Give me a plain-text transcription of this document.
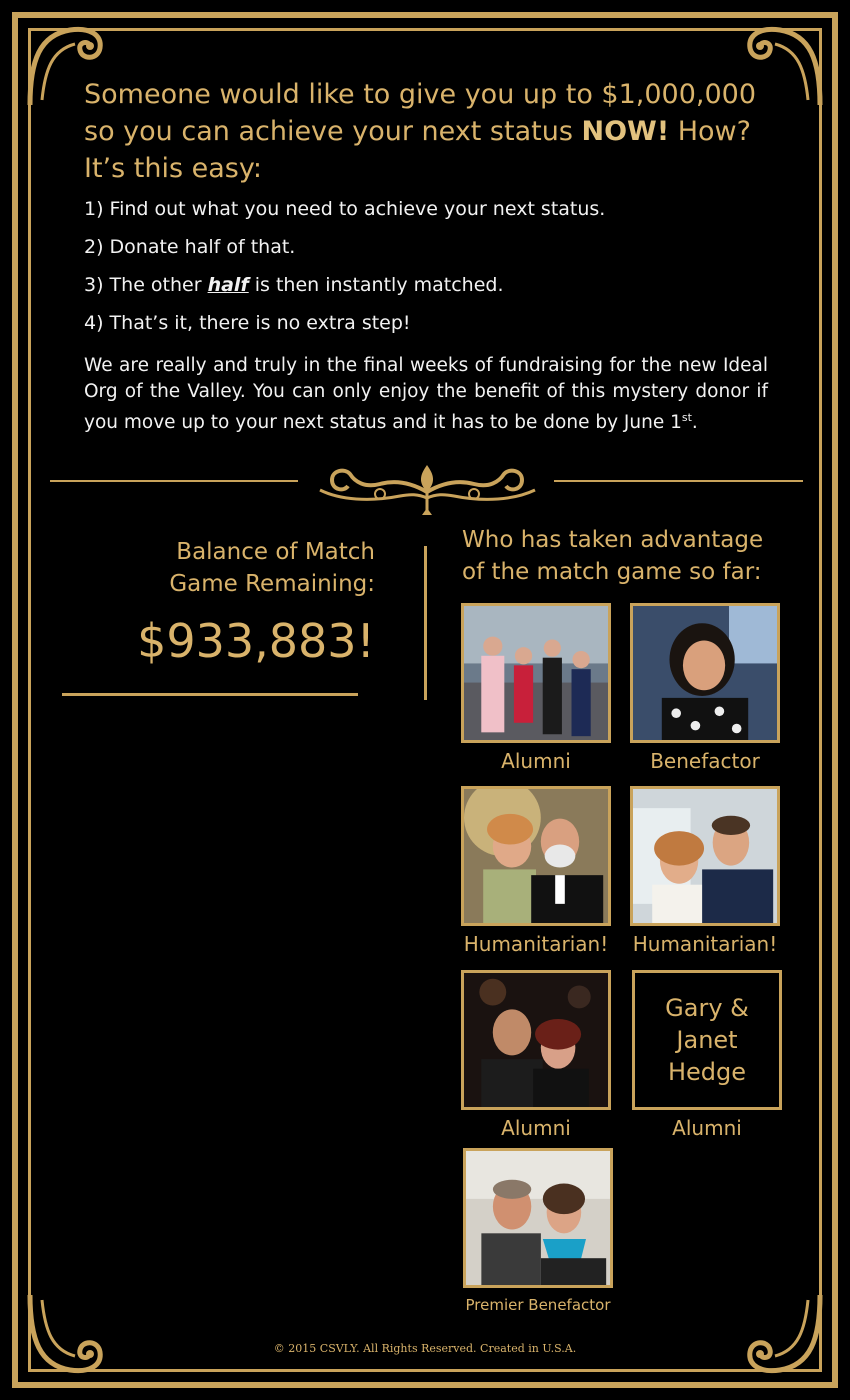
Someone would like to give you up to $1,000,000
so you can achieve your next status NOW! How?
It’s this easy:
1) Find out what you need to achieve your next status.
2) Donate half of that.
3) The other half is then instantly matched.
4) That’s it, there is no extra step!
We are really and truly in the final weeks of fundraising for the new Ideal Org of the Valley. You can only enjoy the benefit of this mystery donor if you move up to your next status and it has to be done by June 1st.
Balance of Match
Game Remaining:
$933,883!
Who has taken advantage
of the match game so far:
Alumni	Benefactor
Humanitarian! Humanitarian!
Alumni
Gary &
Janet
Hedge
Alumni
Premier Benefactor
© 2015 CSVLY. All Rights Reserved. Created in U.S.A.
